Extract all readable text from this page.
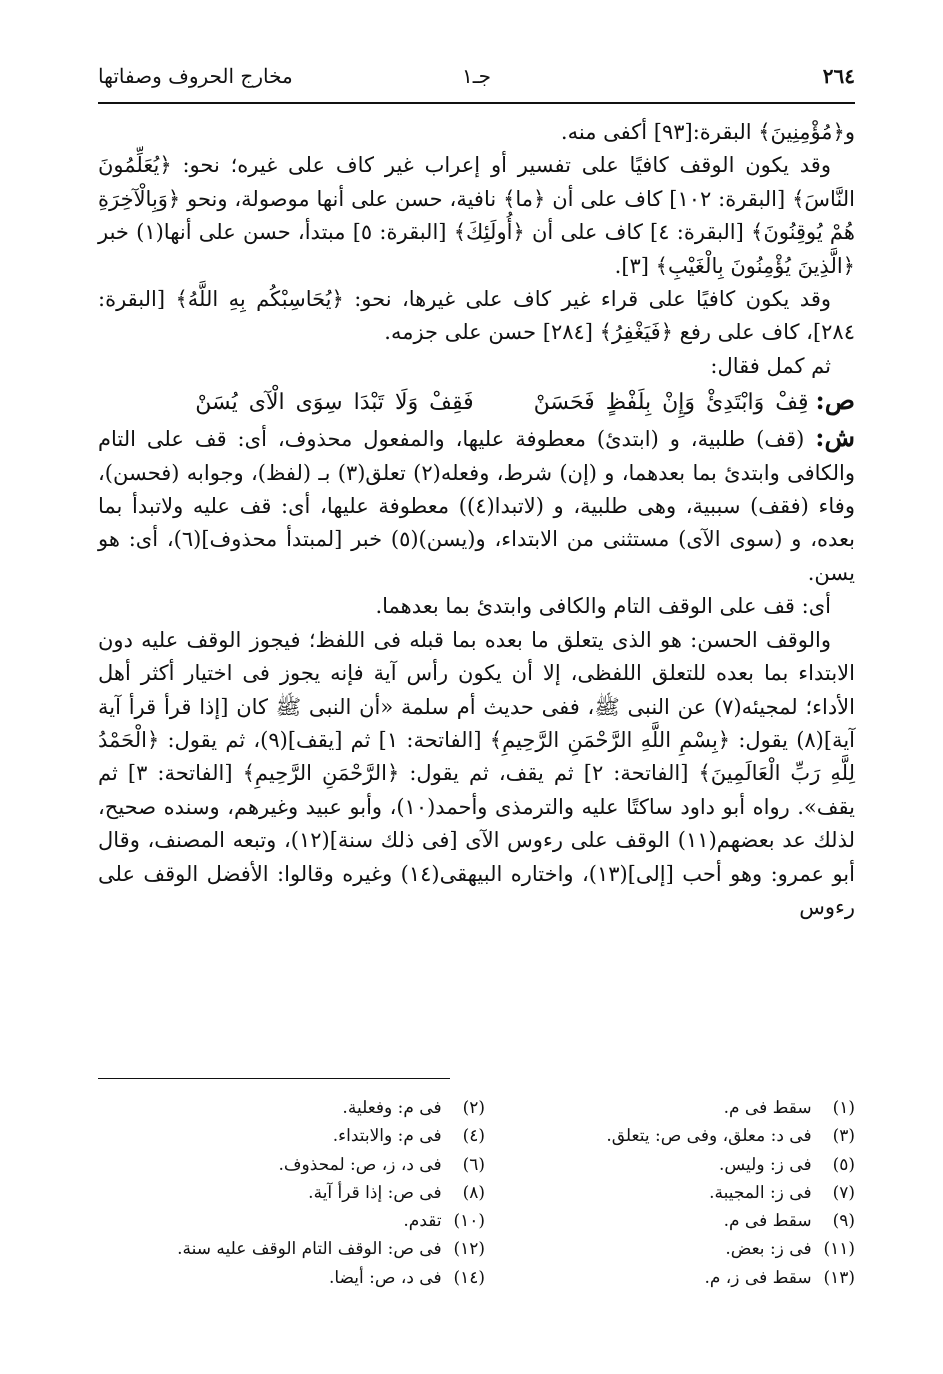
٢٦٤
جـ١
مخارج الحروف وصفاتها

و﴿مُؤْمِنِينَ﴾ البقرة:[٩٣] أكفى منه.

وقد يكون الوقف كافيًا على تفسير أو إعراب غير كاف على غيره؛ نحو: ﴿يُعَلِّمُونَ النَّاسَ﴾ [البقرة: ١٠٢] كاف على أن ﴿ما﴾ نافية، حسن على أنها موصولة، ونحو ﴿وَبِالْآخِرَةِ هُمْ يُوقِنُونَ﴾ [البقرة: ٤] كاف على أن ﴿أُولَئِكَ﴾ [البقرة: ٥] مبتدأ، حسن على أنها(١) خبر ﴿الَّذِينَ يُؤْمِنُونَ بِالْغَيْبِ﴾ [٣].

وقد يكون كافيًا على قراء غير كاف على غيرها، نحو: ﴿يُحَاسِبْكُم بِهِ اللَّهُ﴾ [البقرة: ٢٨٤]، كاف على رفع ﴿فَيَغْفِرُ﴾ [٢٨٤] حسن على جزمه.

ثم كمل فقال:

ص: قِفْ وَابْتَدِئْ وَإِنْ بِلَفْظٍ فَحَسَنْ  فَقِفْ وَلَا تَبْدَا سِوَى الْآى يُسَنْ

ش: (قف) طلبية، و (ابتدئ) معطوفة عليها، والمفعول محذوف، أى: قف على التام والكافى وابتدئ بما بعدهما، و (إن) شرط، وفعله(٢) تعلق(٣) بـ (لفظ)، وجوابه (فحسن)، وفاء (فقف) سببية، وهى طلبية، و (لاتبدا(٤)) معطوفة عليها، أى: قف عليه ولاتبدأ بما بعده، و (سوى الآى) مستثنى من الابتداء، و(يسن)(٥) خبر [لمبتدأ محذوف](٦)، أى: هو يسن.

أى: قف على الوقف التام والكافى وابتدئ بما بعدهما.

والوقف الحسن: هو الذى يتعلق ما بعده بما قبله فى اللفظ؛ فيجوز الوقف عليه دون الابتداء بما بعده للتعلق اللفظى، إلا أن يكون رأس آية فإنه يجوز فى اختيار أكثر أهل الأداء؛ لمجيئه(٧) عن النبى ﷺ، ففى حديث أم سلمة «أن النبى ﷺ كان [إذا قرأ قرأ آية آية](٨) يقول: ﴿بِسْمِ اللَّهِ الرَّحْمَنِ الرَّحِيمِ﴾ [الفاتحة: ١] ثم [يقف](٩)، ثم يقول: ﴿الْحَمْدُ لِلَّهِ رَبِّ الْعَالَمِينَ﴾ [الفاتحة: ٢] ثم يقف، ثم يقول: ﴿الرَّحْمَنِ الرَّحِيمِ﴾ [الفاتحة: ٣] ثم يقف». رواه أبو داود ساكتًا عليه والترمذى وأحمد(١٠)، وأبو عبيد وغيرهم، وسنده صحيح، لذلك عد بعضهم(١١) الوقف على رءوس الآى [فى ذلك سنة](١٢)، وتبعه المصنف، وقال أبو عمرو: وهو أحب [إلى](١٣)، واختاره البيهقى(١٤) وغيره وقالوا: الأفضل الوقف على رءوس

(١) سقط فى م.
(٣) فى د: معلق، وفى ص: يتعلق.
(٥) فى ز: وليس.
(٧) فى ز: المجيبة.
(٩) سقط فى م.
(١١) فى ز: بعض.
(١٣) سقط فى ز، م.
(٢) فى م: وفعلية.
(٤) فى م: والابتداء.
(٦) فى د، ز، ص: لمحذوف.
(٨) فى ص: إذا قرأ آية.
(١٠) تقدم.
(١٢) فى ص: الوقف التام الوقف عليه سنة.
(١٤) فى د، ص: أيضا.
